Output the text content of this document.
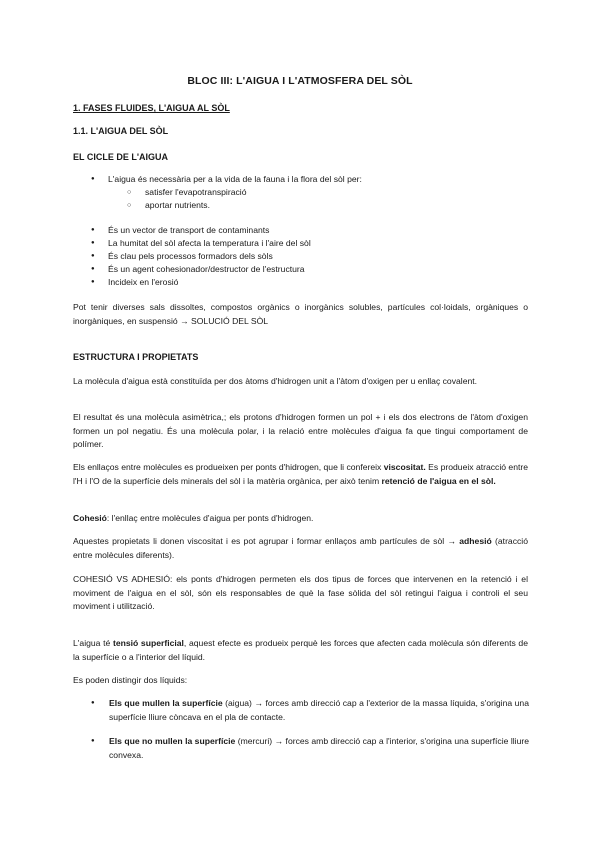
BLOC III: L'AIGUA I L'ATMOSFERA DEL SÒL
1. FASES FLUIDES, L'AIGUA AL SÒL
1.1. L'AIGUA DEL SÒL
EL CICLE DE L'AIGUA
● L'aigua és necessària per a la vida de la fauna i la flora del sòl per:
○ satisfer l'evapotranspiració
○ aportar nutrients.
● És un vector de transport de contaminants
● La humitat del sòl afecta la temperatura i l'aire del sòl
● És clau pels processos formadors dels sòls
● És un agent cohesionador/destructor de l'estructura
● Incideix en l'erosió
Pot tenir diverses sals dissoltes, compostos orgànics o inorgànics solubles, partícules col·loidals, orgàniques o inorgàniques, en suspensió → SOLUCIÓ DEL SÒL
ESTRUCTURA I PROPIETATS
La molècula d'aigua està constituïda per dos àtoms d'hidrogen unit a l'àtom d'oxigen per u enllaç covalent.
El resultat és una molècula asimètrica,; els protons d'hidrogen formen un pol + i els dos electrons de l'àtom d'oxigen formen un pol negatiu. És una molècula polar, i la relació entre molècules d'aigua fa que tingui comportament de polímer.
Els enllaços entre molècules es produeixen per ponts d'hidrogen, que li confereix viscositat. Es produeix atracció entre l'H i l'O de la superfície dels minerals del sòl i la matèria orgànica, per això tenim retenció de l'aigua en el sòl.
Cohesió: l'enllaç entre molècules d'aigua per ponts d'hidrogen.
Aquestes propietats li donen viscositat i es pot agrupar i formar enllaços amb partícules de sòl → adhesió (atracció entre molècules diferents).
COHESIÓ VS ADHESIÓ: els ponts d'hidrogen permeten els dos tipus de forces que intervenen en la retenció i el moviment de l'aigua en el sòl, són els responsables de què la fase sòlida del sòl retingui l'aigua i controli el seu moviment i utilització.
L'aigua té tensió superficial, aquest efecte es produeix perquè les forces que afecten cada molècula són diferents de la superfície o a l'interior del líquid.
Es poden distingir dos líquids:
● Els que mullen la superfície (aigua) → forces amb direcció cap a l'exterior de la massa líquida, s'origina una superfície lliure còncava en el pla de contacte.
● Els que no mullen la superfície (mercuri) → forces amb direcció cap a l'interior, s'origina una superfície lliure convexa.
